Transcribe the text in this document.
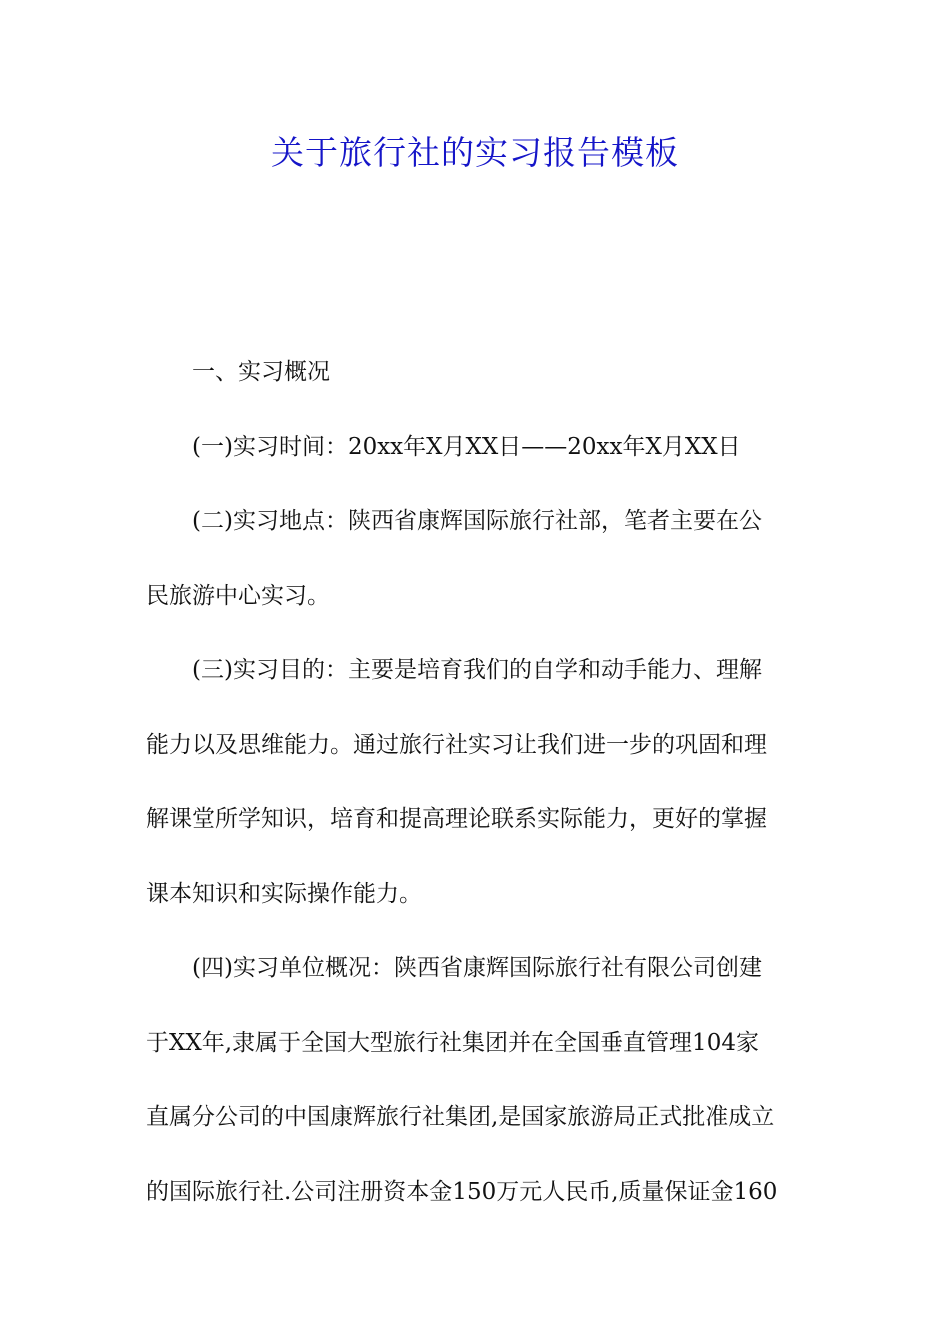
关于旅行社的实习报告模板
一、实习概况
(一)实习时间：20xx年X月XX日——20xx年X月XX日
(二)实习地点：陕西省康辉国际旅行社部，笔者主要在公
民旅游中心实习。
(三)实习目的：主要是培育我们的自学和动手能力、理解
能力以及思维能力。通过旅行社实习让我们进一步的巩固和理
解课堂所学知识，培育和提高理论联系实际能力，更好的掌握
课本知识和实际操作能力。
(四)实习单位概况：陕西省康辉国际旅行社有限公司创建
于XX年,隶属于全国大型旅行社集团并在全国垂直管理104家
直属分公司的中国康辉旅行社集团,是国家旅游局正式批准成立
的国际旅行社.公司注册资本金150万元人民币,质量保证金160
